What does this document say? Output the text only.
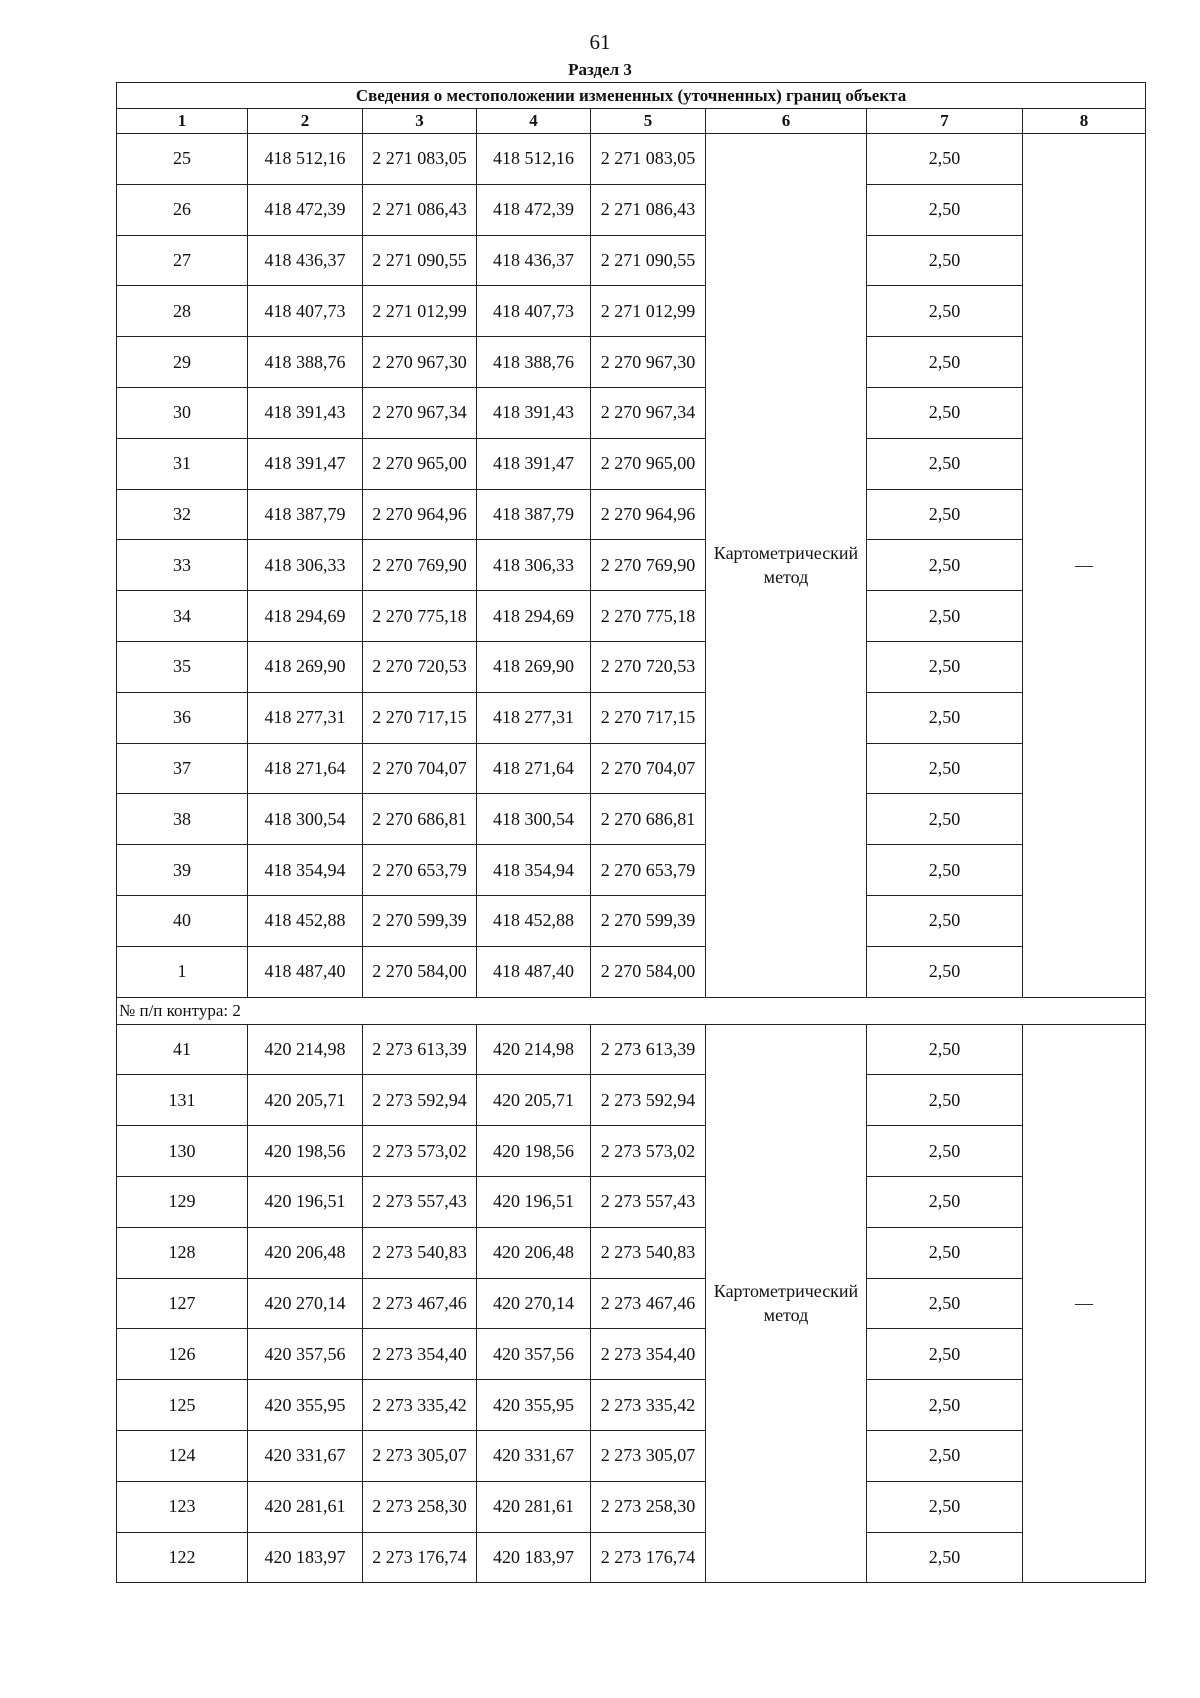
61
Раздел 3
Сведения о местоположении измененных (уточненных) границ объекта							
1	2	3	4	5	6	7	8
25	418 512,16	2 271 083,05	418 512,16	2 271 083,05	Картометрический метод	2,50	—
26	418 472,39	2 271 086,43	418 472,39	2 271 086,43		2,50	
27	418 436,37	2 271 090,55	418 436,37	2 271 090,55		2,50	
28	418 407,73	2 271 012,99	418 407,73	2 271 012,99		2,50	
29	418 388,76	2 270 967,30	418 388,76	2 270 967,30		2,50	
30	418 391,43	2 270 967,34	418 391,43	2 270 967,34		2,50	
31	418 391,47	2 270 965,00	418 391,47	2 270 965,00		2,50	
32	418 387,79	2 270 964,96	418 387,79	2 270 964,96		2,50	
33	418 306,33	2 270 769,90	418 306,33	2 270 769,90		2,50	
34	418 294,69	2 270 775,18	418 294,69	2 270 775,18		2,50	
35	418 269,90	2 270 720,53	418 269,90	2 270 720,53		2,50	
36	418 277,31	2 270 717,15	418 277,31	2 270 717,15		2,50	
37	418 271,64	2 270 704,07	418 271,64	2 270 704,07		2,50	
38	418 300,54	2 270 686,81	418 300,54	2 270 686,81		2,50	
39	418 354,94	2 270 653,79	418 354,94	2 270 653,79		2,50	
40	418 452,88	2 270 599,39	418 452,88	2 270 599,39		2,50	
1	418 487,40	2 270 584,00	418 487,40	2 270 584,00		2,50	
№ п/п контура: 2							
41	420 214,98	2 273 613,39	420 214,98	2 273 613,39	Картометрический метод	2,50	—
131	420 205,71	2 273 592,94	420 205,71	2 273 592,94		2,50	
130	420 198,56	2 273 573,02	420 198,56	2 273 573,02		2,50	
129	420 196,51	2 273 557,43	420 196,51	2 273 557,43		2,50	
128	420 206,48	2 273 540,83	420 206,48	2 273 540,83		2,50	
127	420 270,14	2 273 467,46	420 270,14	2 273 467,46		2,50	
126	420 357,56	2 273 354,40	420 357,56	2 273 354,40		2,50	
125	420 355,95	2 273 335,42	420 355,95	2 273 335,42		2,50	
124	420 331,67	2 273 305,07	420 331,67	2 273 305,07		2,50	
123	420 281,61	2 273 258,30	420 281,61	2 273 258,30		2,50	
122	420 183,97	2 273 176,74	420 183,97	2 273 176,74		2,50	
